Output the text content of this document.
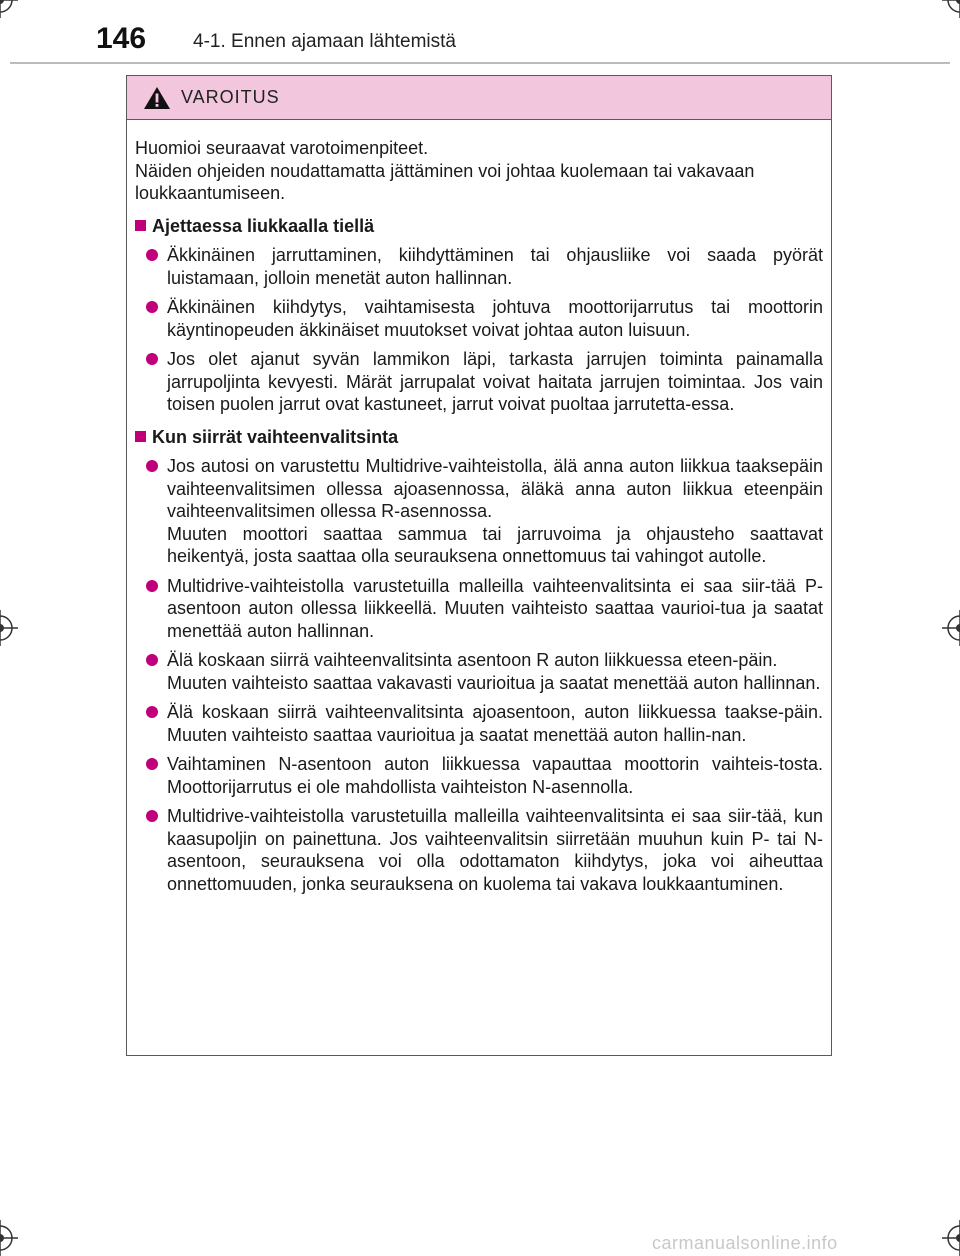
146 4-1. Ennen ajamaan lähtemistä
VAROITUS

Huomioi seuraavat varotoimenpiteet.

Näiden ohjeiden noudattamatta jättäminen voi johtaa kuolemaan tai vakavaan loukkaantumiseen.

Ajettaessa liukkaalla tiellä

Äkkinäinen jarruttaminen, kiihdyttäminen tai ohjausliike voi saada pyörät luistamaan, jolloin menetät auton hallinnan.

Äkkinäinen kiihdytys, vaihtamisesta johtuva moottorijarrutus tai moottorin käyntinopeuden äkkinäiset muutokset voivat johtaa auton luisuun.

Jos olet ajanut syvän lammikon läpi, tarkasta jarrujen toiminta painamalla jarrupoljinta kevyesti. Märät jarrupalat voivat haitata jarrujen toimintaa. Jos vain toisen puolen jarrut ovat kastuneet, jarrut voivat puoltaa jarrutetta-essa.

Kun siirrät vaihteenvalitsinta

Jos autosi on varustettu Multidrive-vaihteistolla, älä anna auton liikkua taaksepäin vaihteenvalitsimen ollessa ajoasennossa, äläkä anna auton liikkua eteenpäin vaihteenvalitsimen ollessa R-asennossa.

Muuten moottori saattaa sammua tai jarruvoima ja ohjausteho saattavat heikentyä, josta saattaa olla seurauksena onnettomuus tai vahingot autolle.

Multidrive-vaihteistolla varustetuilla malleilla vaihteenvalitsinta ei saa siir-tää P-asentoon auton ollessa liikkeellä. Muuten vaihteisto saattaa vaurioi-tua ja saatat menettää auton hallinnan.

Älä koskaan siirrä vaihteenvalitsinta asentoon R auton liikkuessa eteen-päin.

Muuten vaihteisto saattaa vakavasti vaurioitua ja saatat menettää auton hallinnan.

Älä koskaan siirrä vaihteenvalitsinta ajoasentoon, auton liikkuessa taakse-päin. Muuten vaihteisto saattaa vaurioitua ja saatat menettää auton hallin-nan.

Vaihtaminen N-asentoon auton liikkuessa vapauttaa moottorin vaihteis-tosta. Moottorijarrutus ei ole mahdollista vaihteiston N-asennolla.

Multidrive-vaihteistolla varustetuilla malleilla vaihteenvalitsinta ei saa siir-tää, kun kaasupoljin on painettuna. Jos vaihteenvalitsin siirretään muuhun kuin P- tai N-asentoon, seurauksena voi olla odottamaton kiihdytys, joka voi aiheuttaa onnettomuuden, jonka seurauksena on kuolema tai vakava loukkaantuminen.

carmanualsonline.info
